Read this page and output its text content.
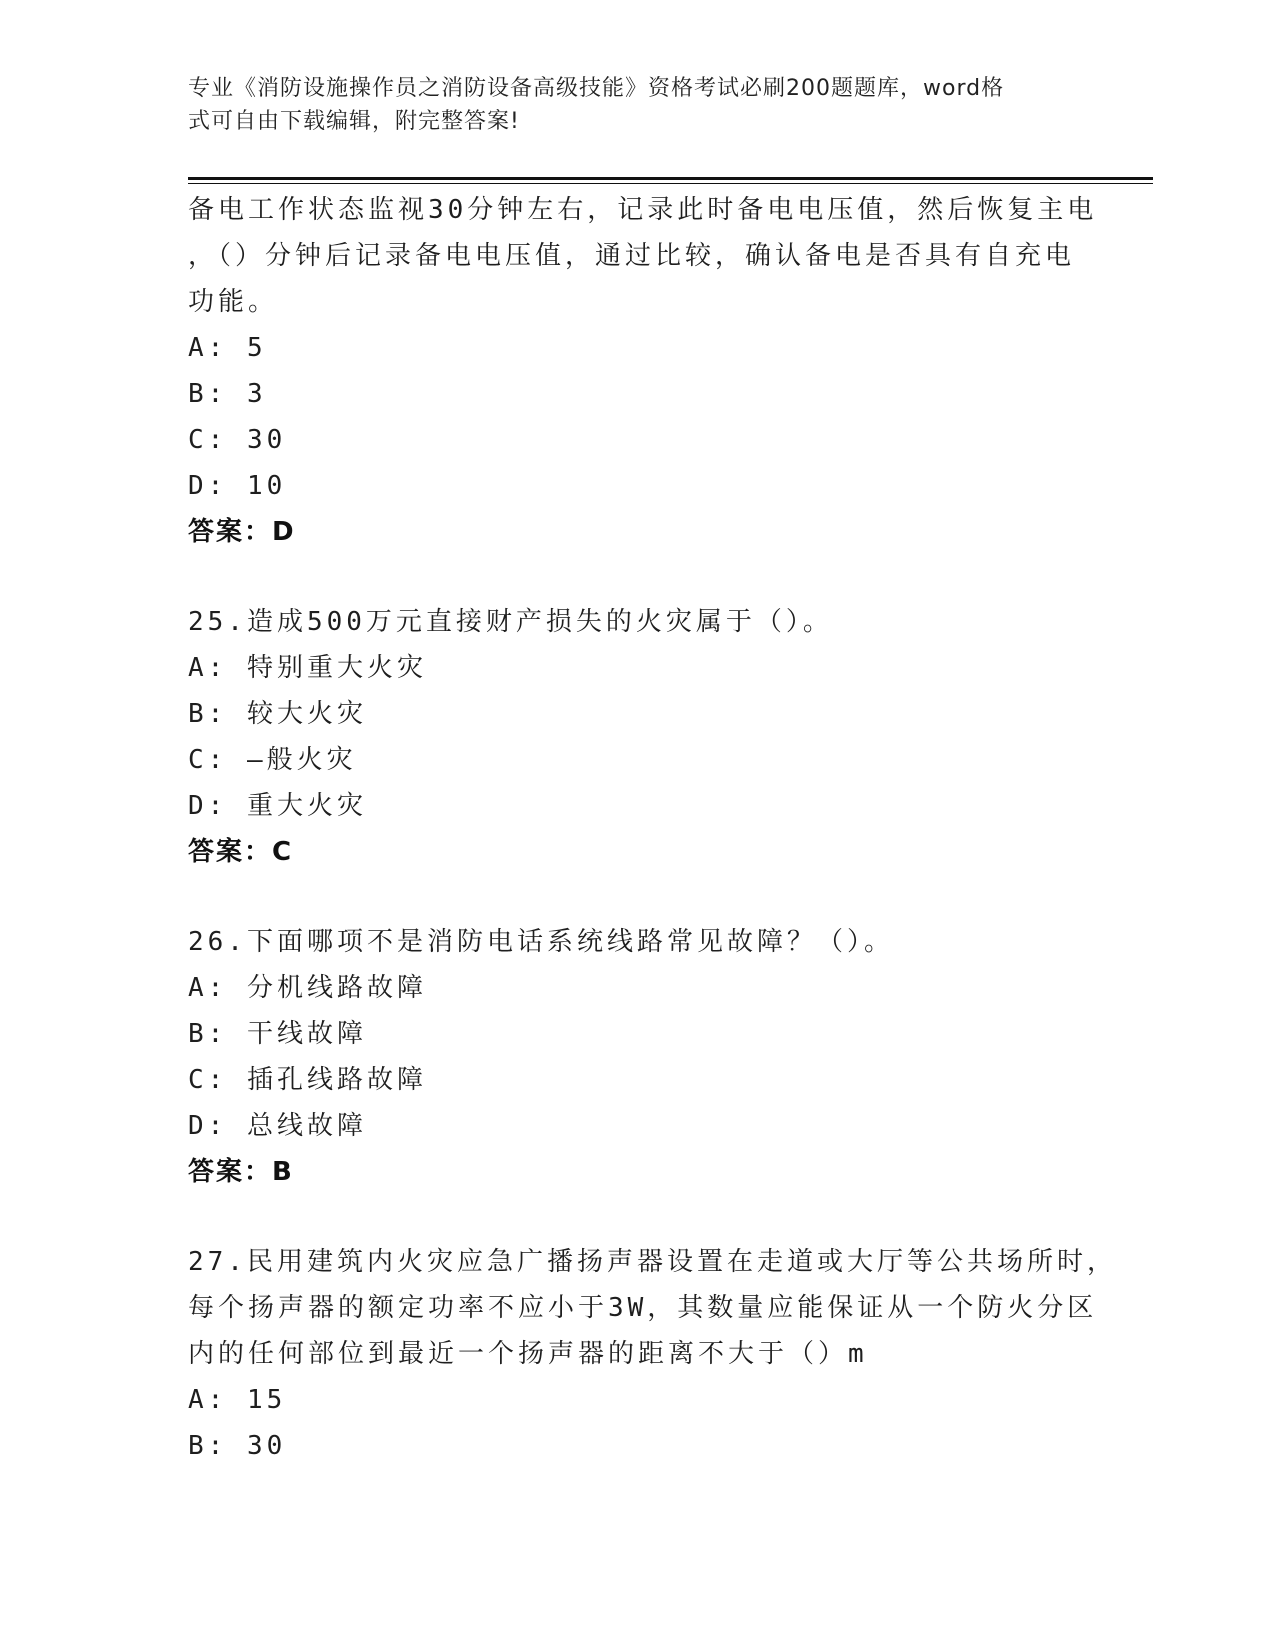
专业《消防设施操作员之消防设备高级技能》资格考试必刷200题题库，word格
式可自由下载编辑，附完整答案!
备电工作状态监视30分钟左右，记录此时备电电压值，然后恢复主电
，（）分钟后记录备电电压值，通过比较，确认备电是否具有自充电
功能。
A: 5
B: 3
C: 30
D: 10
答案：D
25.造成500万元直接财产损失的火灾属于（）。
A: 特别重大火灾
B: 较大火灾
C: —般火灾
D: 重大火灾
答案：C
26.下面哪项不是消防电话系统线路常见故障？（）。
A: 分机线路故障
B: 干线故障
C: 插孔线路故障
D: 总线故障
答案：B
27.民用建筑内火灾应急广播扬声器设置在走道或大厅等公共场所时，
每个扬声器的额定功率不应小于3W，其数量应能保证从一个防火分区
内的任何部位到最近一个扬声器的距离不大于（）m
A: 15
B: 30
